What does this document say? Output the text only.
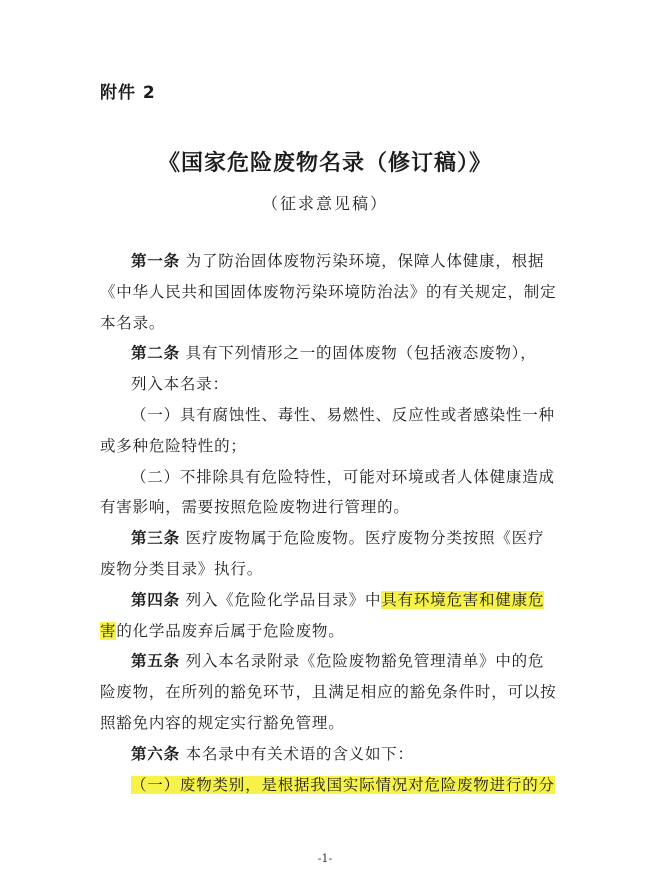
附件 2
《国家危险废物名录（修订稿）》
（征求意见稿）

第一条 为了防治固体废物污染环境，保障人体健康，根据

《中华人民共和国固体废物污染环境防治法》的有关规定，制定

本名录。

第二条 具有下列情形之一的固体废物（包括液态废物），

列入本名录：

（一）具有腐蚀性、毒性、易燃性、反应性或者感染性一种

或多种危险特性的；

（二）不排除具有危险特性，可能对环境或者人体健康造成

有害影响，需要按照危险废物进行管理的。

第三条 医疗废物属于危险废物。医疗废物分类按照《医疗

废物分类目录》执行。

第四条 列入《危险化学品目录》中具有环境危害和健康危

害的化学品废弃后属于危险废物。

第五条 列入本名录附录《危险废物豁免管理清单》中的危

险废物，在所列的豁免环节，且满足相应的豁免条件时，可以按

照豁免内容的规定实行豁免管理。

第六条 本名录中有关术语的含义如下：

（一）废物类别，是根据我国实际情况对危险废物进行的分

-1-
